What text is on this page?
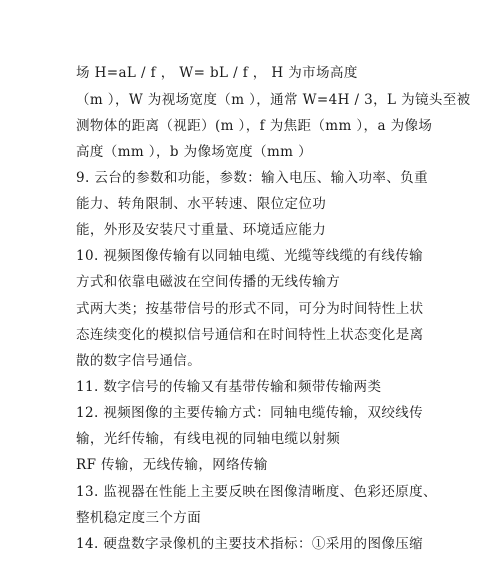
场 H=aL / f ， W= bL / f ， H 为市场高度
（m ），W 为视场宽度（m ），通常 W=4H / 3，L 为镜头至被
测物体的距离（视距）(m ），f 为焦距（mm ），a 为像场
高度（mm ），b 为像场宽度（mm ）
9. 云台的参数和功能，参数：输入电压、输入功率、负重
能力、转角限制、水平转速、限位定位功
能，外形及安装尺寸重量、环境适应能力
10. 视频图像传输有以同轴电缆、光缆等线缆的有线传输
方式和依靠电磁波在空间传播的无线传输方
式两大类；按基带信号的形式不同，可分为时间特性上状
态连续变化的模拟信号通信和在时间特性上状态变化是离
散的数字信号通信。
11. 数字信号的传输又有基带传输和频带传输两类
12. 视频图像的主要传输方式：同轴电缆传输，双绞线传
输，光纤传输，有线电视的同轴电缆以射频
RF 传输，无线传输，网络传输
13. 监视器在性能上主要反映在图像清晰度、色彩还原度、
整机稳定度三个方面
14. 硬盘数字录像机的主要技术指标：①采用的图像压缩
